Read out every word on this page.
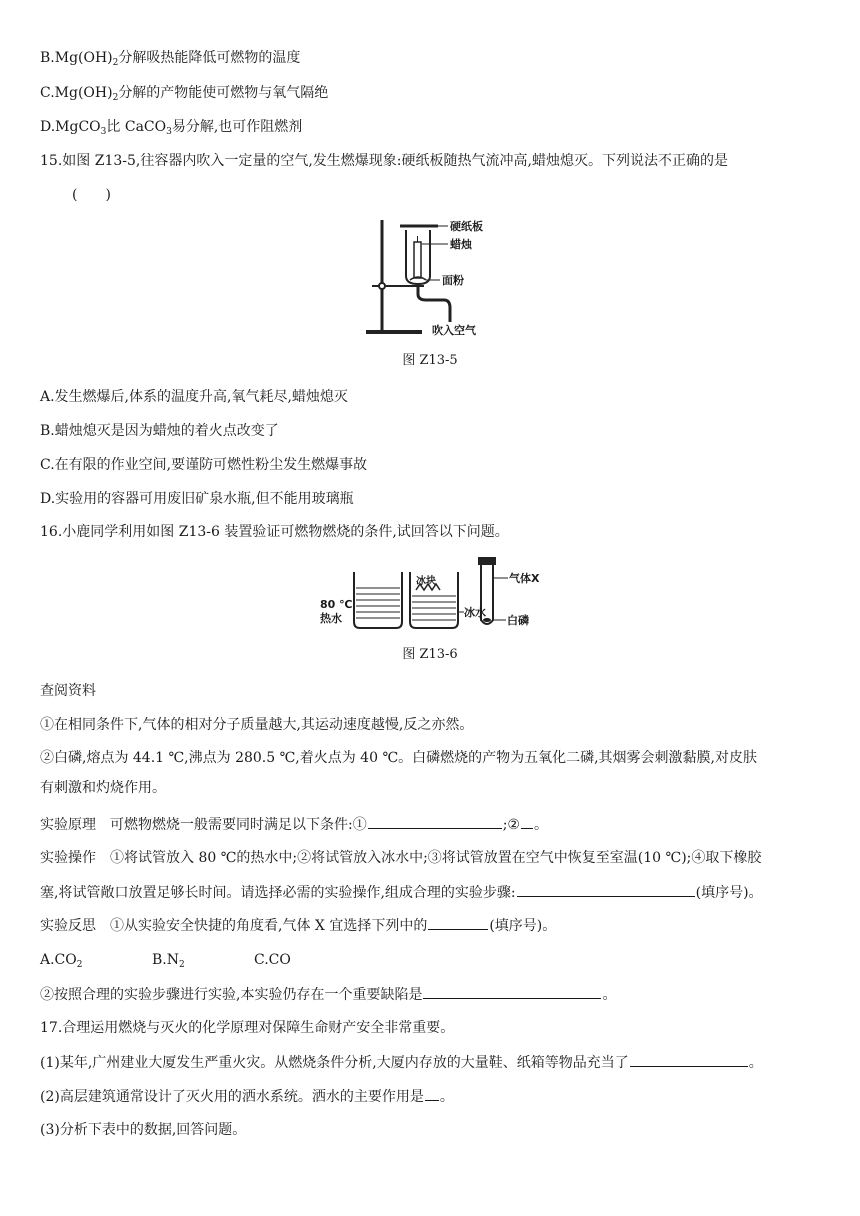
$B.Mg(OH)_2$分解吸热能降低可燃物的温度
$C.Mg(OH)_2$分解的产物能使可燃物与氧气隔绝
D.MgCO$_3$比 CaCO$_3$易分解,也可作阻燃剂
15.如图 Z13-5,往容器内吹入一定量的空气,发生燃爆现象:硬纸板随热气流冲高,蜡烛熄灭。下列说法不正确的是
(　　)
硬纸板
蜡烛
面粉
吹入空气
图 Z13-5
A.发生燃爆后,体系的温度升高,氧气耗尽,蜡烛熄灭
B.蜡烛熄灭是因为蜡烛的着火点改变了
C.在有限的作业空间,要谨防可燃性粉尘发生燃爆事故
D.实验用的容器可用废旧矿泉水瓶,但不能用玻璃瓶
16.小鹿同学利用如图 Z13-6 装置验证可燃物燃烧的条件,试回答以下问题。
80 ℃
热水
冰块
冰水
气体X
白磷
图 Z13-6
查阅资料
①在相同条件下,气体的相对分子质量越大,其运动速度越慢,反之亦然。
②白磷,熔点为 44.1 ℃,沸点为 280.5 ℃,着火点为 40 ℃。白磷燃烧的产物为五氧化二磷,其烟雾会刺激黏膜,对皮肤
有刺激和灼烧作用。
实验原理　可燃物燃烧一般需要同时满足以下条件:①	;② 。
实验操作　①将试管放入 80 ℃的热水中;②将试管放入冰水中;③将试管放置在空气中恢复至室温(10 ℃);④取下橡胶
塞,将试管敞口放置足够长时间。请选择必需的实验操作,组成合理的实验步骤:	(填序号)。
实验反思　①从实验安全快捷的角度看,气体 X 宜选择下列中的	(填序号)。
$A.CO_2$	$B.N_2$	C.CO
②按照合理的实验步骤进行实验,本实验仍存在一个重要缺陷是	。
17.合理运用燃烧与灭火的化学原理对保障生命财产安全非常重要。
(1)某年,广州建业大厦发生严重火灾。从燃烧条件分析,大厦内存放的大量鞋、纸箱等物品充当了	。
(2)高层建筑通常设计了灭火用的洒水系统。洒水的主要作用是 。
(3)分析下表中的数据,回答问题。
